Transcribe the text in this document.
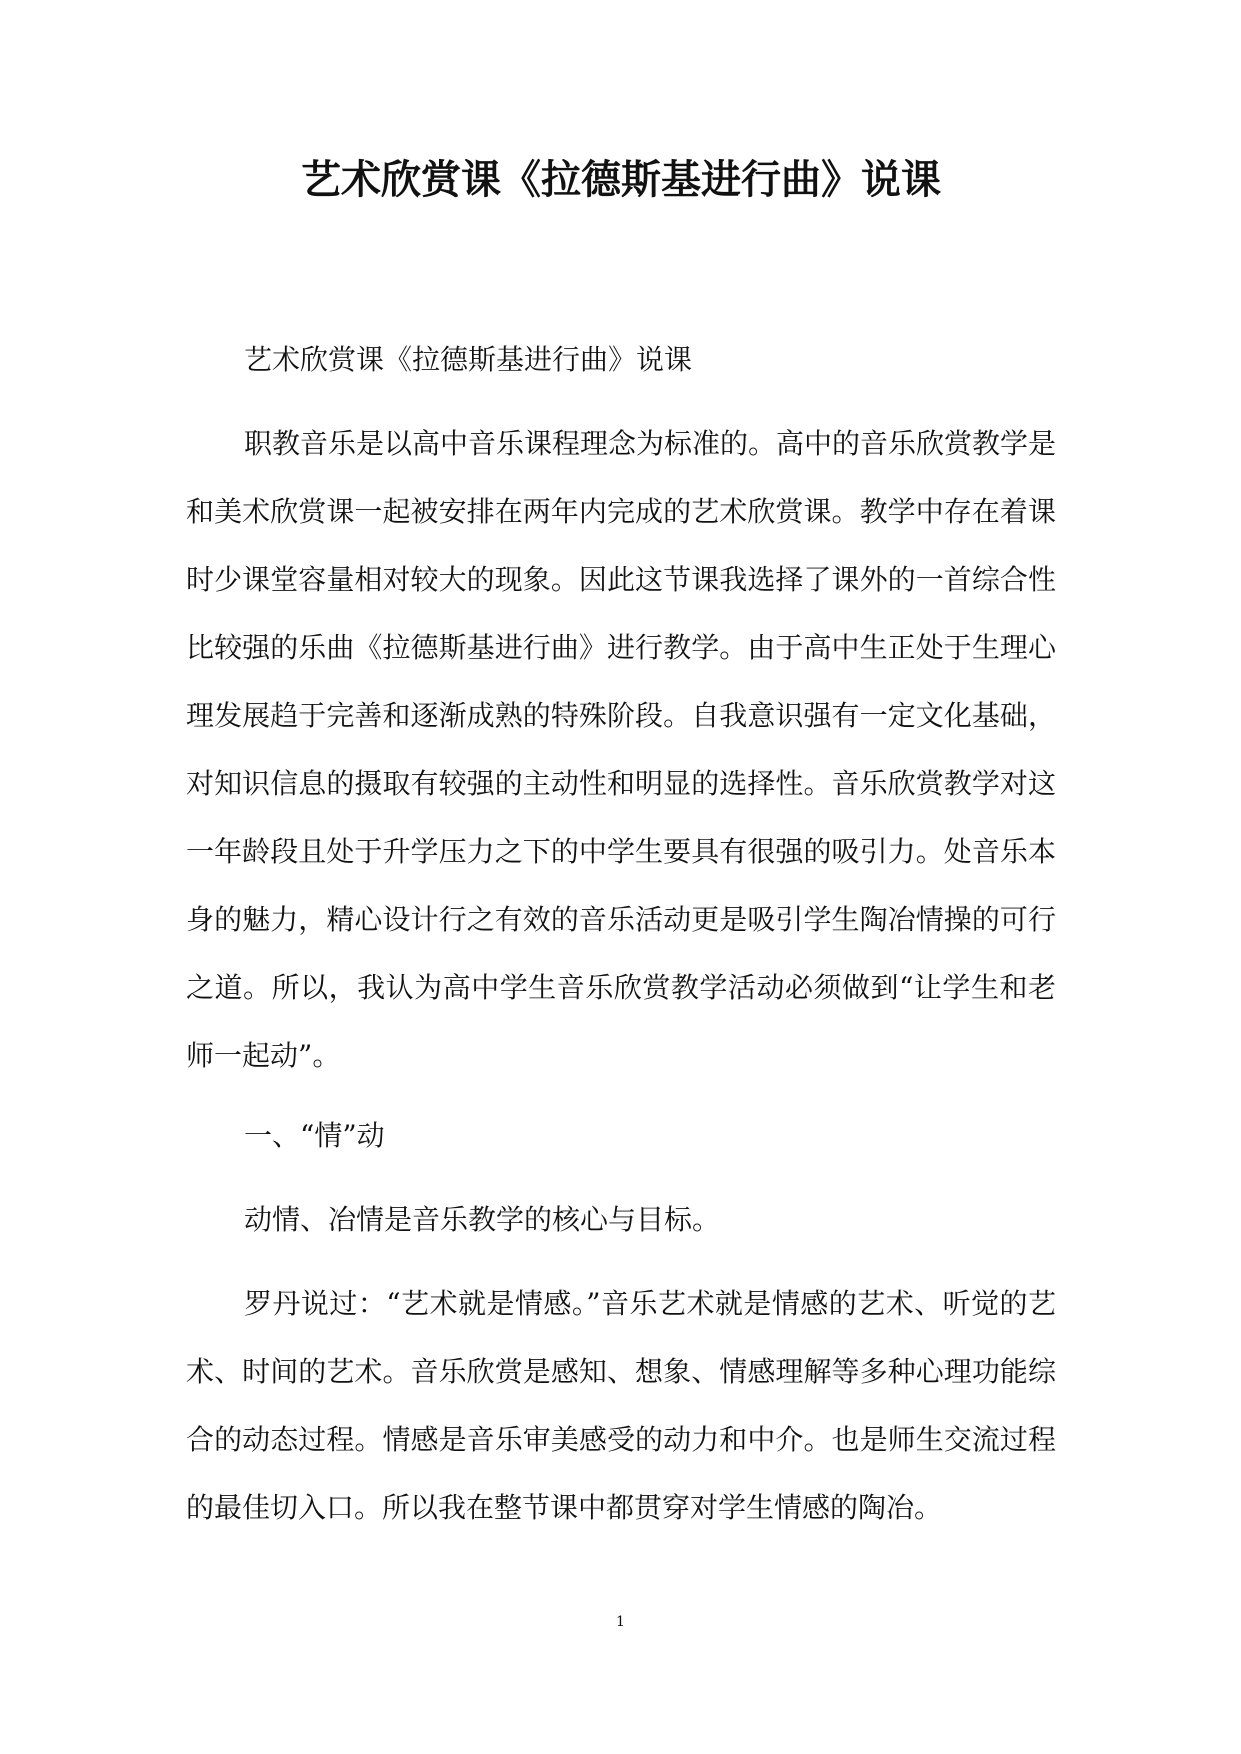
艺术欣赏课《拉德斯基进行曲》说课

艺术欣赏课《拉德斯基进行曲》说课

职教音乐是以高中音乐课程理念为标准的。高中的音乐欣赏教学是和美术欣赏课一起被安排在两年内完成的艺术欣赏课。教学中存在着课时少课堂容量相对较大的现象。因此这节课我选择了课外的一首综合性比较强的乐曲《拉德斯基进行曲》进行教学。由于高中生正处于生理心理发展趋于完善和逐渐成熟的特殊阶段。自我意识强有一定文化基础，对知识信息的摄取有较强的主动性和明显的选择性。音乐欣赏教学对这一年龄段且处于升学压力之下的中学生要具有很强的吸引力。处音乐本身的魅力，精心设计行之有效的音乐活动更是吸引学生陶冶情操的可行之道。所以，我认为高中学生音乐欣赏教学活动必须做到“让学生和老师一起动”。

一、“情”动

动情、冶情是音乐教学的核心与目标。

罗丹说过：“艺术就是情感。”音乐艺术就是情感的艺术、听觉的艺术、时间的艺术。音乐欣赏是感知、想象、情感理解等多种心理功能综合的动态过程。情感是音乐审美感受的动力和中介。也是师生交流过程的最佳切入口。所以我在整节课中都贯穿对学生情感的陶冶。

1
